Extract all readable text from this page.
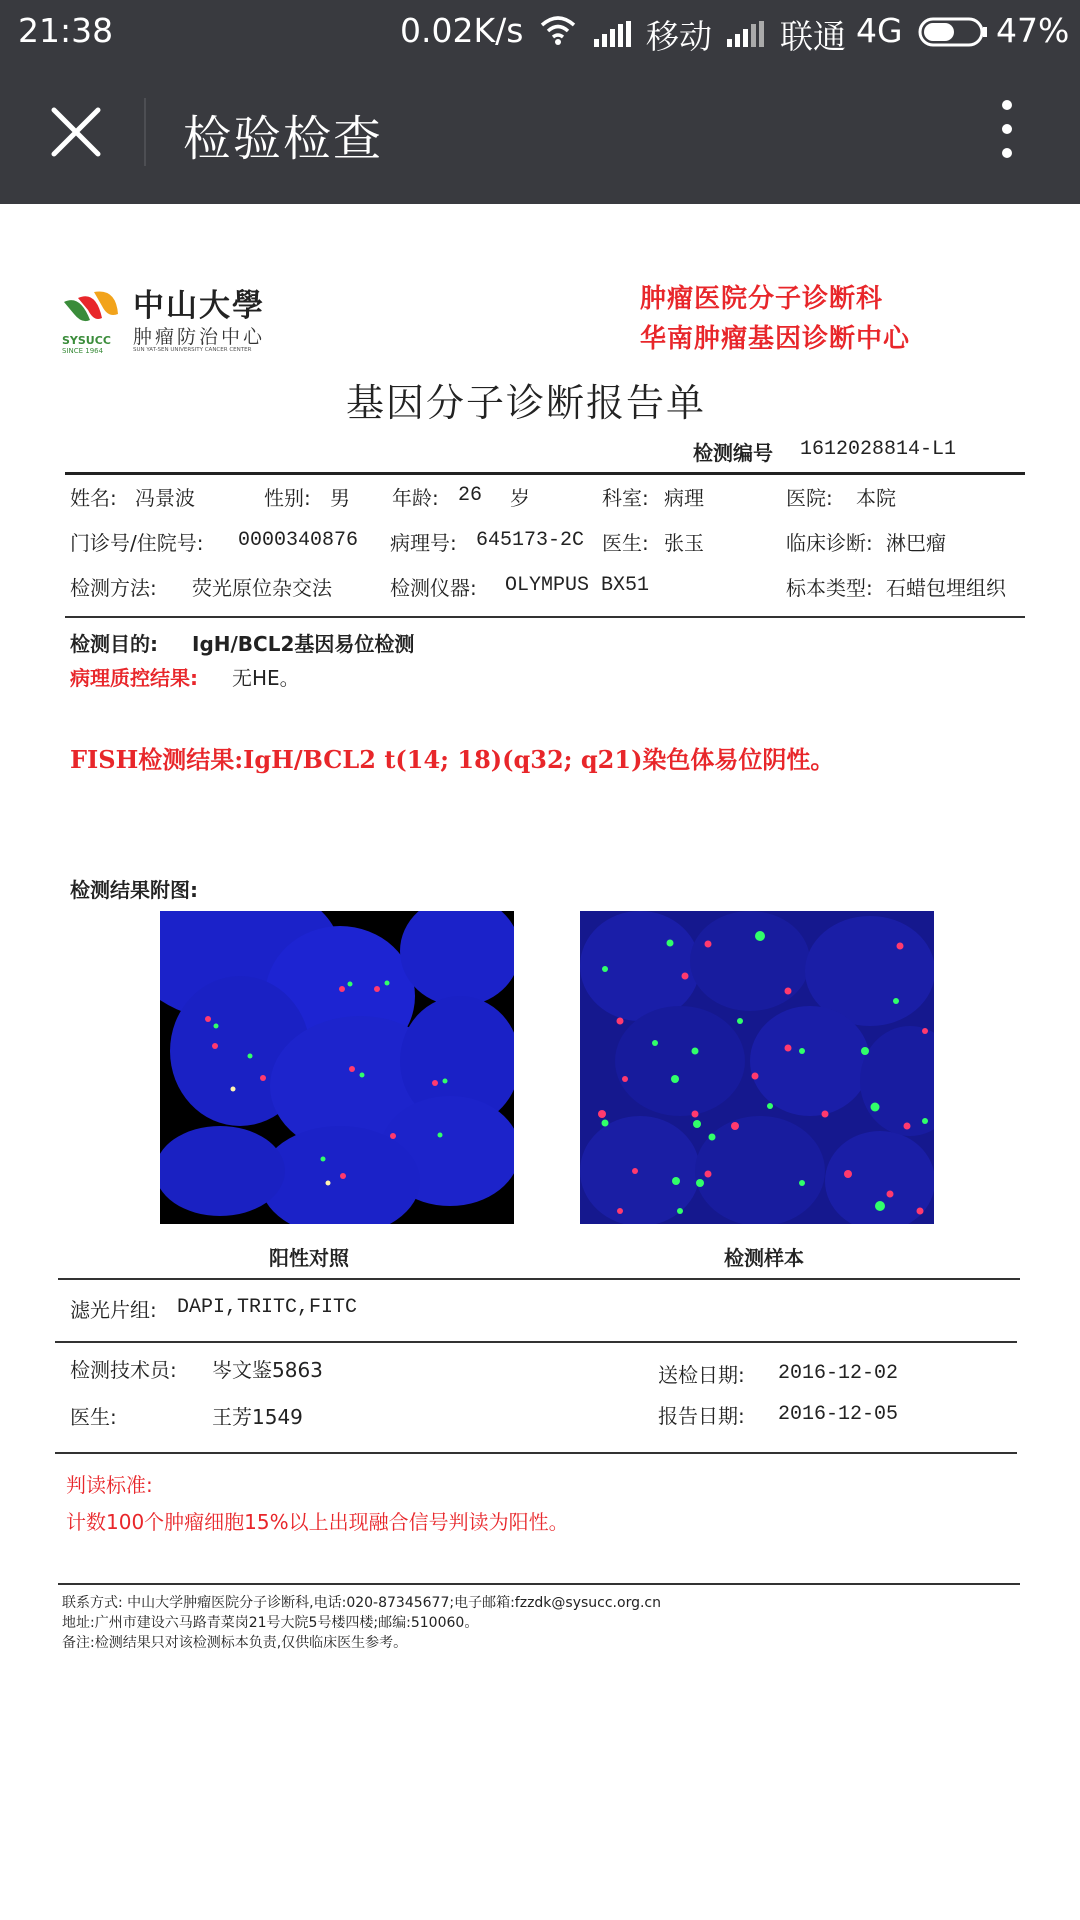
21:38	0.02K/s	移动 联通 4G	47%
检验检查
SYSUCC
SINCE 1964
中山大學
肿瘤防治中心
SUN YAT-SEN UNIVERSITY CANCER CENTER
肿瘤医院分子诊断科
华南肿瘤基因诊断中心
基因分子诊断报告单
检测编号 1612028814-L1
姓名: 冯景波	性别: 男 年龄: 26 岁	科室: 病理	医院: 本院
门诊号/住院号: 0000340876 病理号: 645173-2C 医生: 张玉	临床诊断: 淋巴瘤
检测方法: 荧光原位杂交法	检测仪器: OLYMPUS BX51	标本类型: 石蜡包埋组织
检测目的: IgH/BCL2基因易位检测
病理质控结果: 无HE。
FISH检测结果:IgH/BCL2 t(14; 18)(q32; q21)染色体易位阴性。
检测结果附图:
阳性对照	检测样本
滤光片组: DAPI,TRITC,FITC
检测技术员: 岑文鉴5863	送检日期: 2016-12-02
医生:	王芳1549	报告日期: 2016-12-05
判读标准:
计数100个肿瘤细胞15%以上出现融合信号判读为阳性。
联系方式: 中山大学肿瘤医院分子诊断科,电话:020-87345677;电子邮箱:fzzdk@sysucc.org.cn
地址:广州市建设六马路青菜岗21号大院5号楼四楼;邮编:510060。
备注:检测结果只对该检测标本负责,仅供临床医生参考。
